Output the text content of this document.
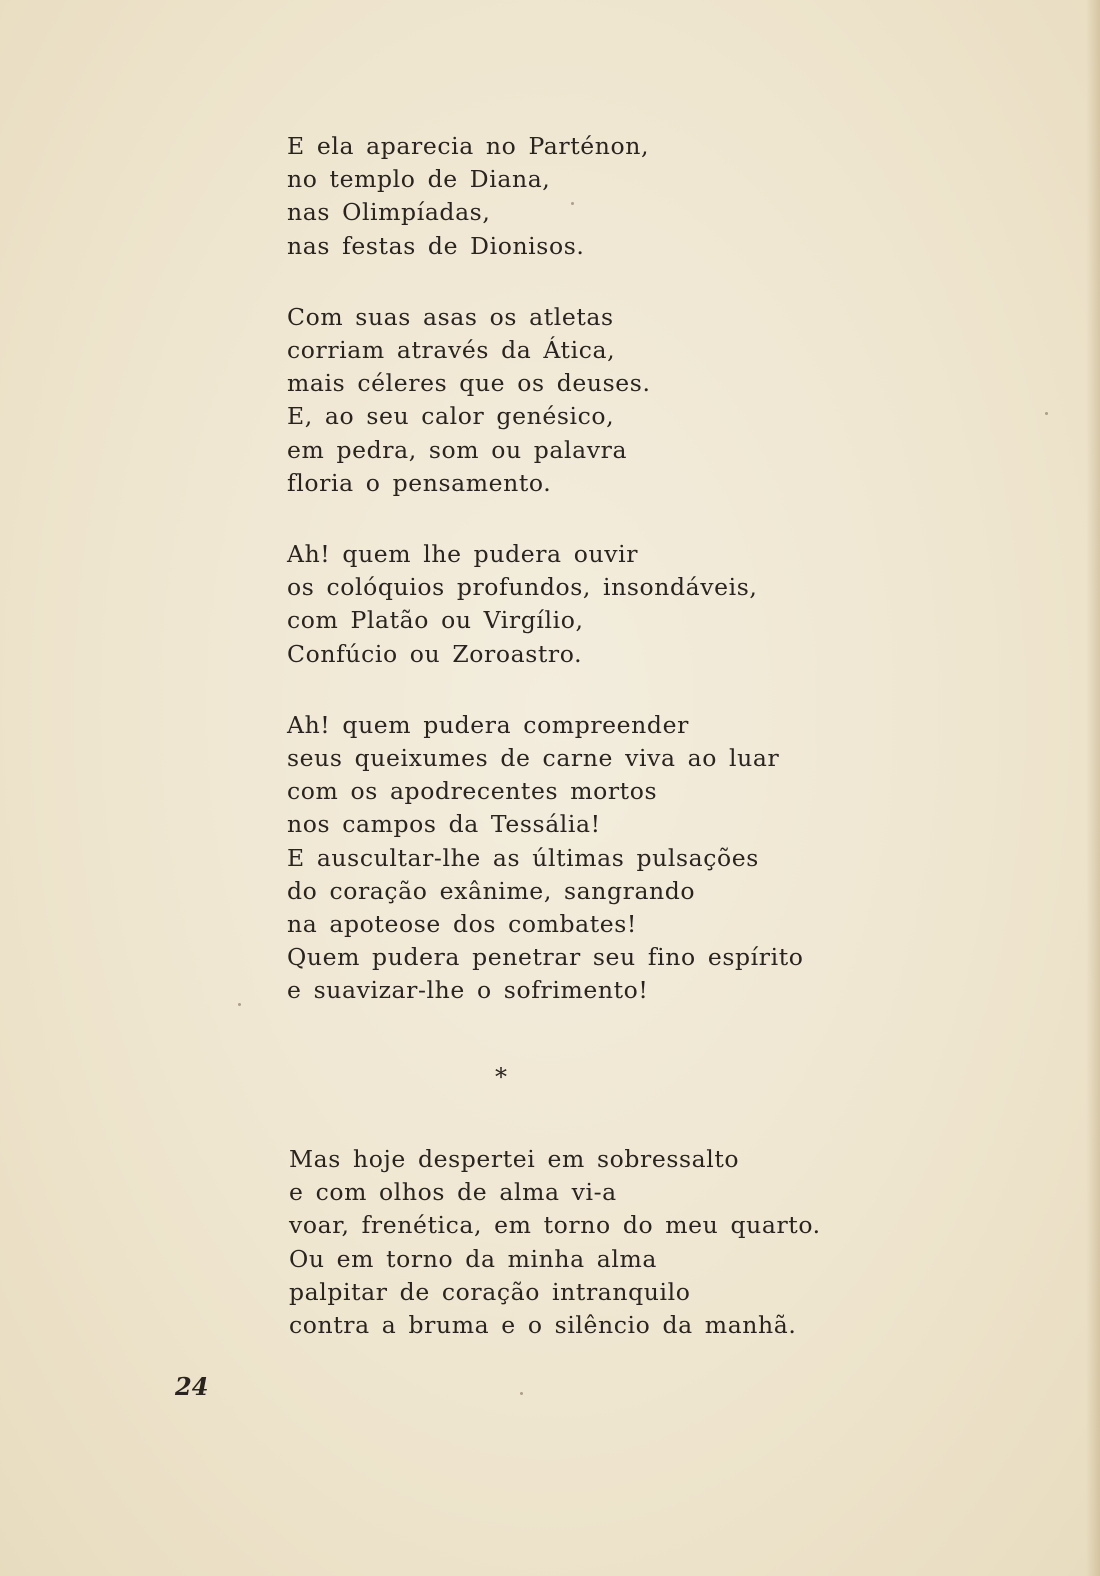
E ela aparecia no Parténon,
no templo de Diana,
nas Olimpíadas,
nas festas de Dionisos.
Com suas asas os atletas
corriam através da Ática,
mais céleres que os deuses.
E, ao seu calor genésico,
em pedra, som ou palavra
floria o pensamento.
Ah! quem lhe pudera ouvir
os colóquios profundos, insondáveis,
com Platão ou Virgílio,
Confúcio ou Zoroastro.
Ah! quem pudera compreender
seus queixumes de carne viva ao luar
com os apodrecentes mortos
nos campos da Tessália!
E auscultar-lhe as últimas pulsações
do coração exânime, sangrando
na apoteose dos combates!
Quem pudera penetrar seu fino espírito
e suavizar-lhe o sofrimento!
*
Mas hoje despertei em sobressalto
e com olhos de alma vi-a
voar, frenética, em torno do meu quarto.
Ou em torno da minha alma
palpitar de coração intranquilo
contra a bruma e o silêncio da manhã.
24
